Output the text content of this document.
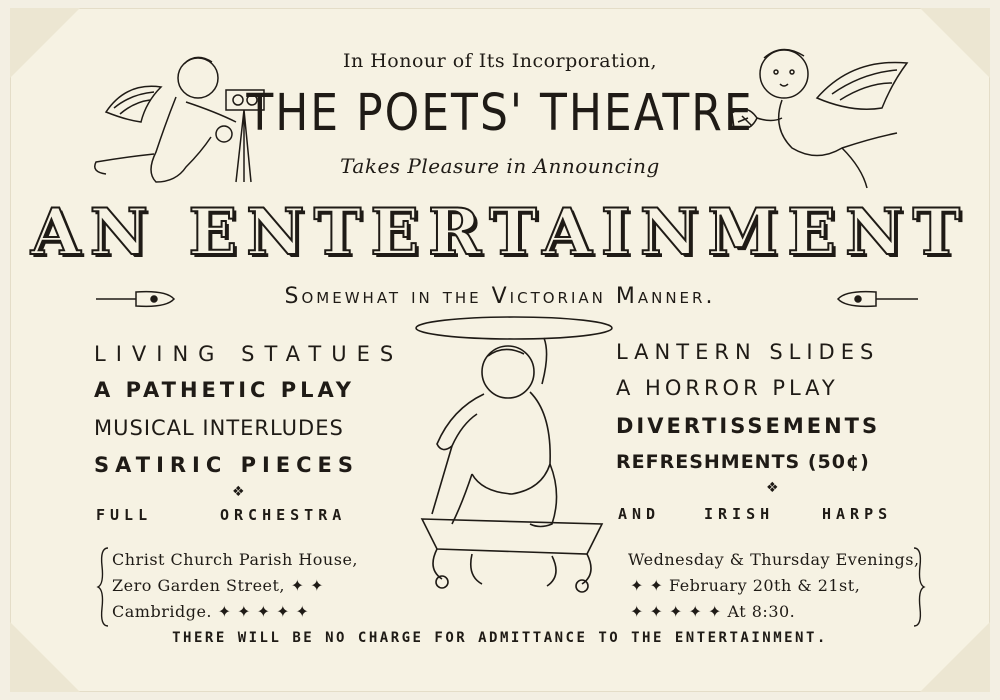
In Honour of Its Incorporation,
THE POETS' THEATRE
Takes Pleasure in Announcing
AN ENTERTAINMENT
Somewhat in the Victorian Manner.
LIVING STATUES
A PATHETIC PLAY
MUSICAL INTERLUDES
SATIRIC PIECES
❖
LANTERN SLIDES
A HORROR PLAY
DIVERTISSEMENTS
REFRESHMENTS (50¢)
❖
FULL	ORCHESTRA	AND	IRISH	HARPS
Christ Church Parish House,
Zero Garden Street, ✦ ✦
Cambridge. ✦ ✦ ✦ ✦ ✦
Wednesday & Thursday Evenings,
✦ ✦ February 20th & 21st,
✦ ✦ ✦ ✦ ✦ At 8:30.
THERE WILL BE NO CHARGE FOR ADMITTANCE TO THE ENTERTAINMENT.
